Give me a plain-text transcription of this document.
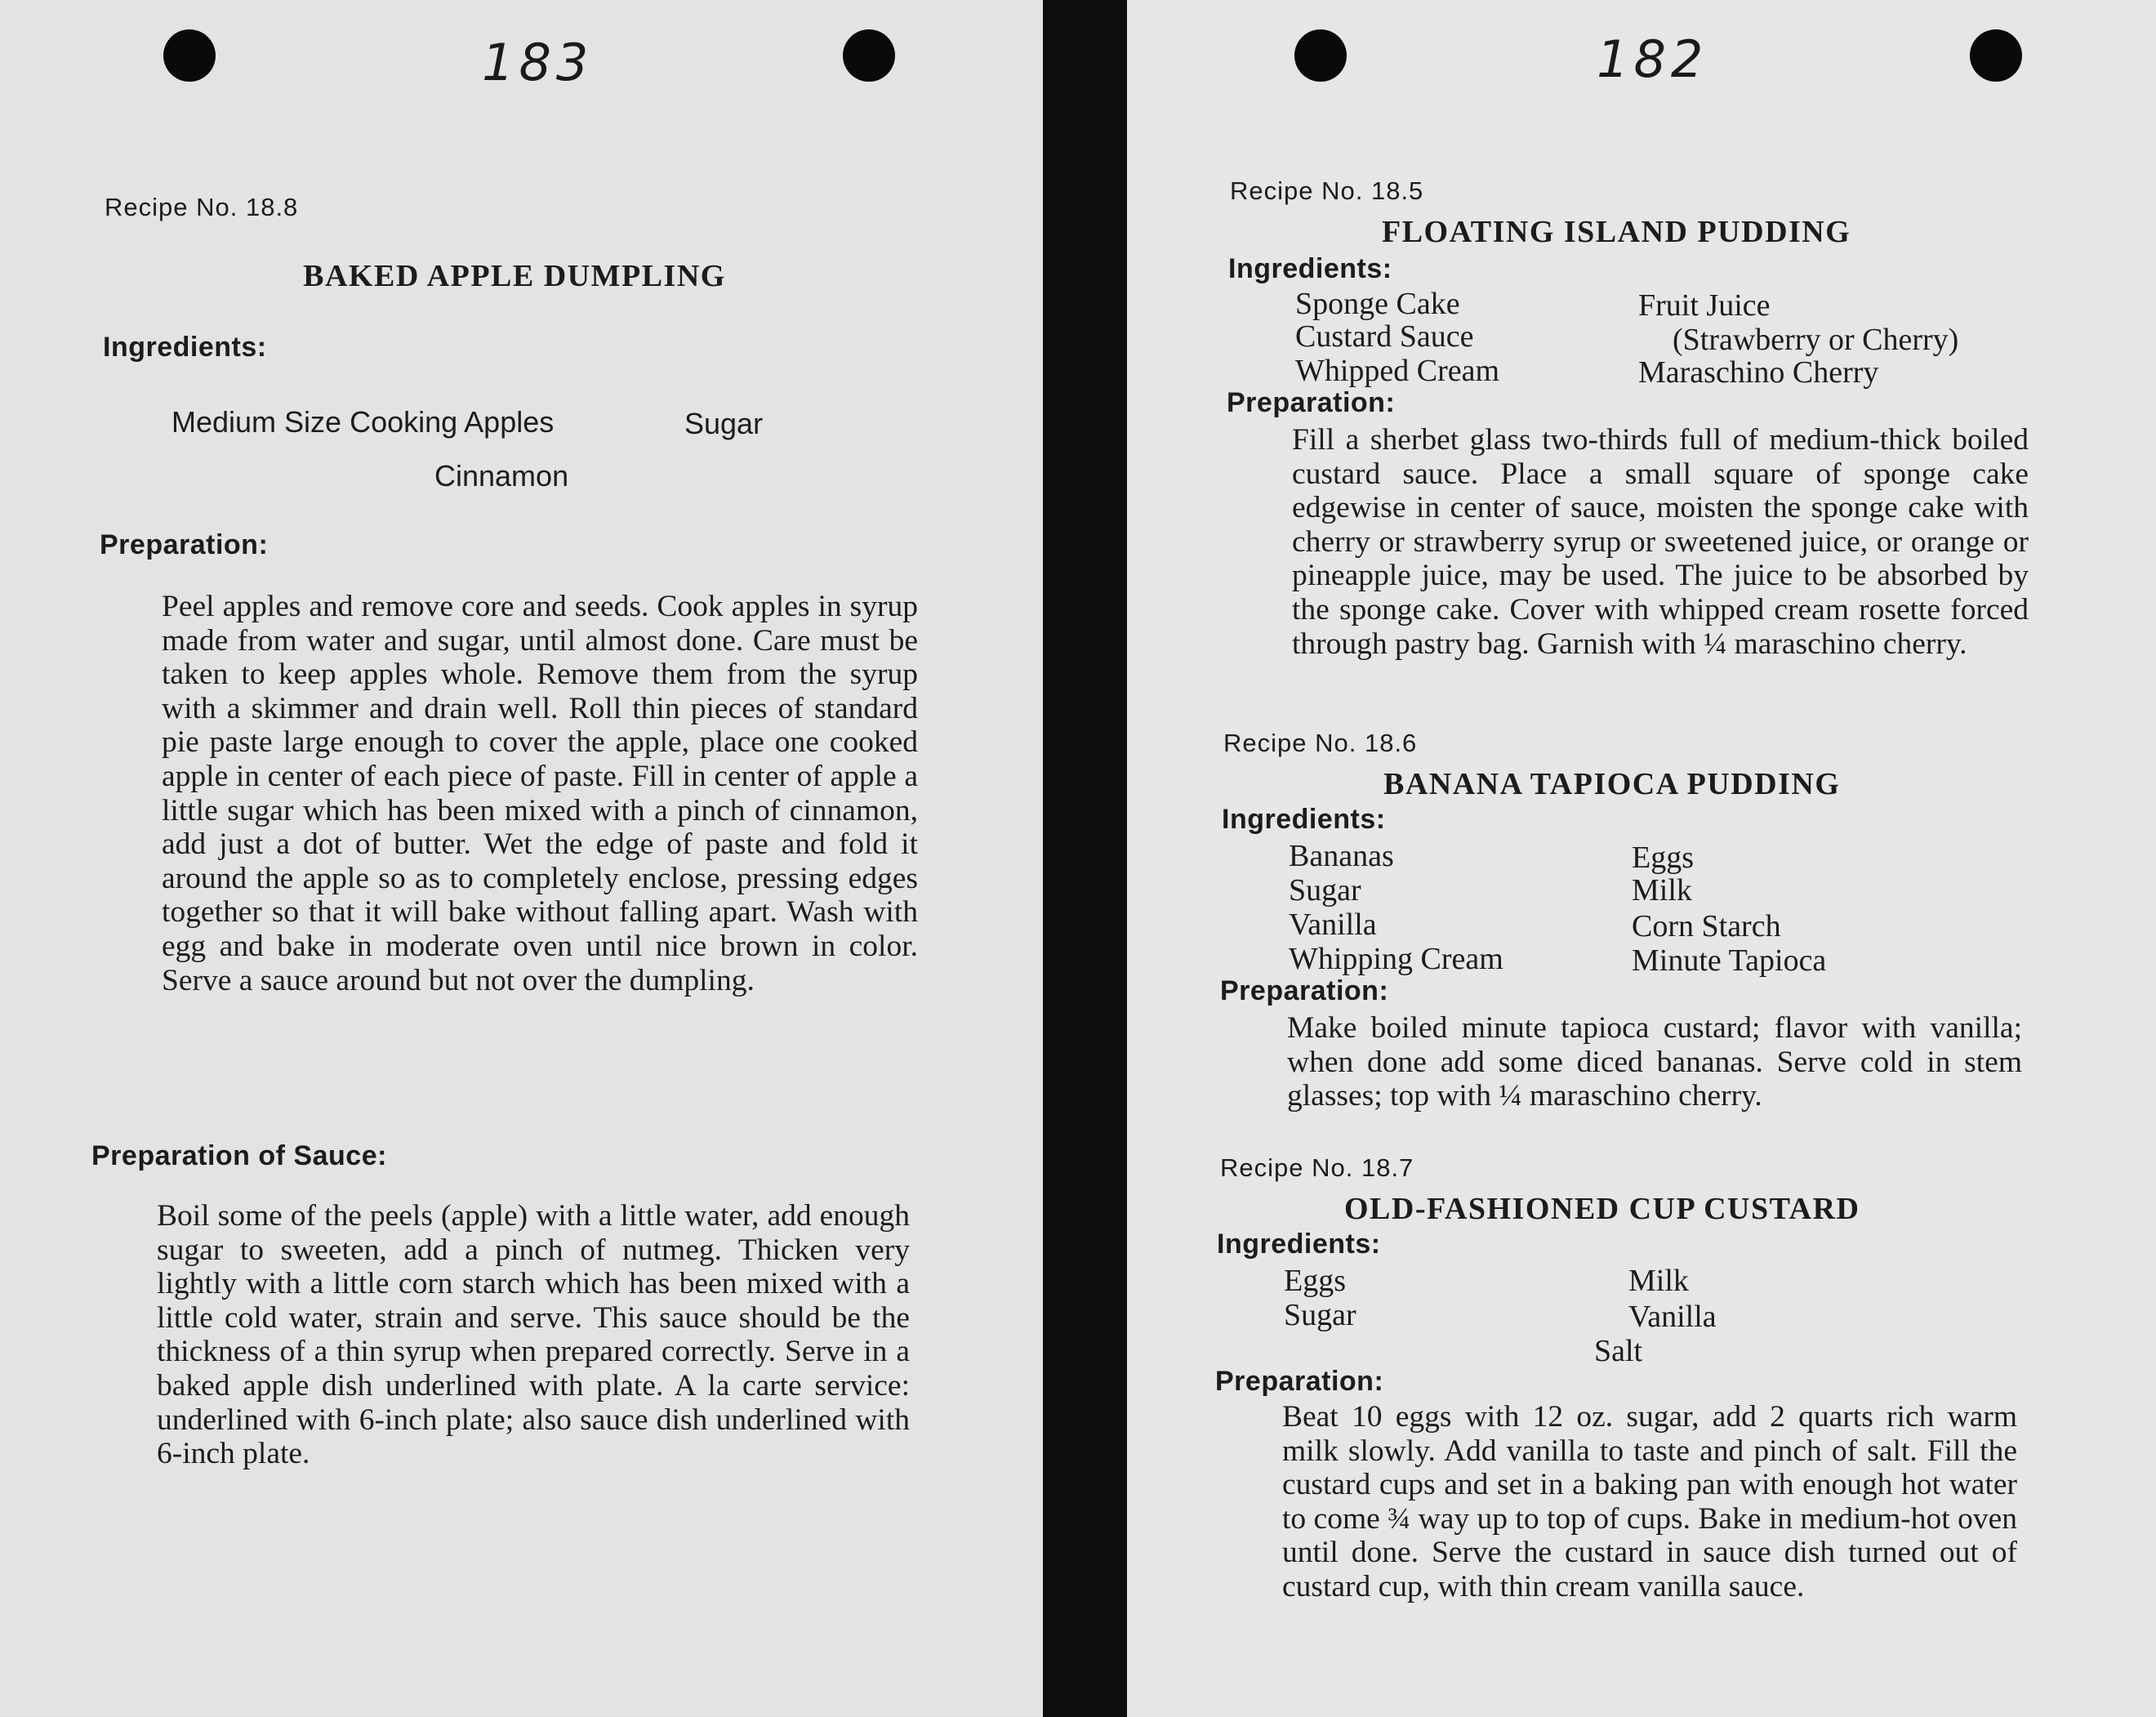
183
Recipe No. 18.8
BAKED APPLE DUMPLING
Ingredients:
Medium Size Cooking Apples	Sugar
Cinnamon
Preparation:

Peel apples and remove core and seeds. Cook apples in syrup made from water and sugar, until almost done. Care must be taken to keep apples whole. Remove them from the syrup with a skimmer and drain well. Roll thin pieces of standard pie paste large enough to cover the apple, place one cooked apple in center of each piece of paste. Fill in center of apple a little sugar which has been mixed with a pinch of cinnamon, add just a dot of butter. Wet the edge of paste and fold it around the apple so as to completely enclose, pressing edges together so that it will bake without falling apart. Wash with egg and bake in moderate oven until nice brown in color. Serve a sauce around but not over the dumpling.

Preparation of Sauce:

Boil some of the peels (apple) with a little water, add enough sugar to sweeten, add a pinch of nutmeg. Thicken very lightly with a little corn starch which has been mixed with a little cold water, strain and serve. This sauce should be the thickness of a thin syrup when prepared correctly. Serve in a baked apple dish underlined with plate. A la carte service: underlined with 6-inch plate; also sauce dish underlined with 6-inch plate.

182
Recipe No. 18.5
FLOATING ISLAND PUDDING
Ingredients:
Sponge Cake
Custard Sauce
Whipped Cream
Fruit Juice
(Strawberry or Cherry)
Maraschino Cherry
Preparation:

Fill a sherbet glass two-thirds full of medium-thick boiled custard sauce. Place a small square of sponge cake edgewise in center of sauce, moisten the sponge cake with cherry or strawberry syrup or sweetened juice, or orange or pineapple juice, may be used. The juice to be absorbed by the sponge cake. Cover with whipped cream rosette forced through pastry bag. Garnish with ¼ maraschino cherry.

Recipe No. 18.6
BANANA TAPIOCA PUDDING
Ingredients:
Bananas
Sugar
Vanilla
Whipping Cream
Eggs
Milk
Corn Starch
Minute Tapioca
Preparation:

Make boiled minute tapioca custard; flavor with vanilla; when done add some diced bananas. Serve cold in stem glasses; top with ¼ maraschino cherry.

Recipe No. 18.7
OLD-FASHIONED CUP CUSTARD
Ingredients:
Eggs
Sugar
Milk
Vanilla
Salt
Preparation:

Beat 10 eggs with 12 oz. sugar, add 2 quarts rich warm milk slowly. Add vanilla to taste and pinch of salt. Fill the custard cups and set in a baking pan with enough hot water to come ¾ way up to top of cups. Bake in medium-hot oven until done. Serve the custard in sauce dish turned out of custard cup, with thin cream vanilla sauce.
